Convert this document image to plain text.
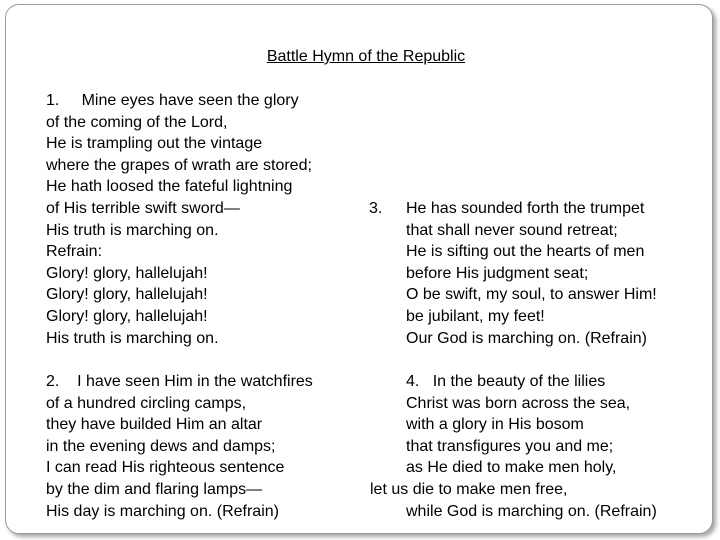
Battle Hymn of the Republic
1. Mine eyes have seen the glory
of the coming of the Lord,
He is trampling out the vintage
where the grapes of wrath are stored;
He hath loosed the fateful lightning
of His terrible swift sword—
His truth is marching on.
Refrain:
Glory! glory, hallelujah!
Glory! glory, hallelujah!
Glory! glory, hallelujah!
His truth is marching on.
2. I have seen Him in the watchfires
of a hundred circling camps,
they have builded Him an altar
in the evening dews and damps;
I can read His righteous sentence
by the dim and flaring lamps—
His day is marching on. (Refrain)
3. He has sounded forth the trumpet
that shall never sound retreat;
He is sifting out the hearts of men
before His judgment seat;
O be swift, my soul, to answer Him!
be jubilant, my feet!
Our God is marching on. (Refrain)
4. In the beauty of the lilies
Christ was born across the sea,
with a glory in His bosom
that transfigures you and me;
as He died to make men holy,
let us die to make men free,
while God is marching on. (Refrain)
